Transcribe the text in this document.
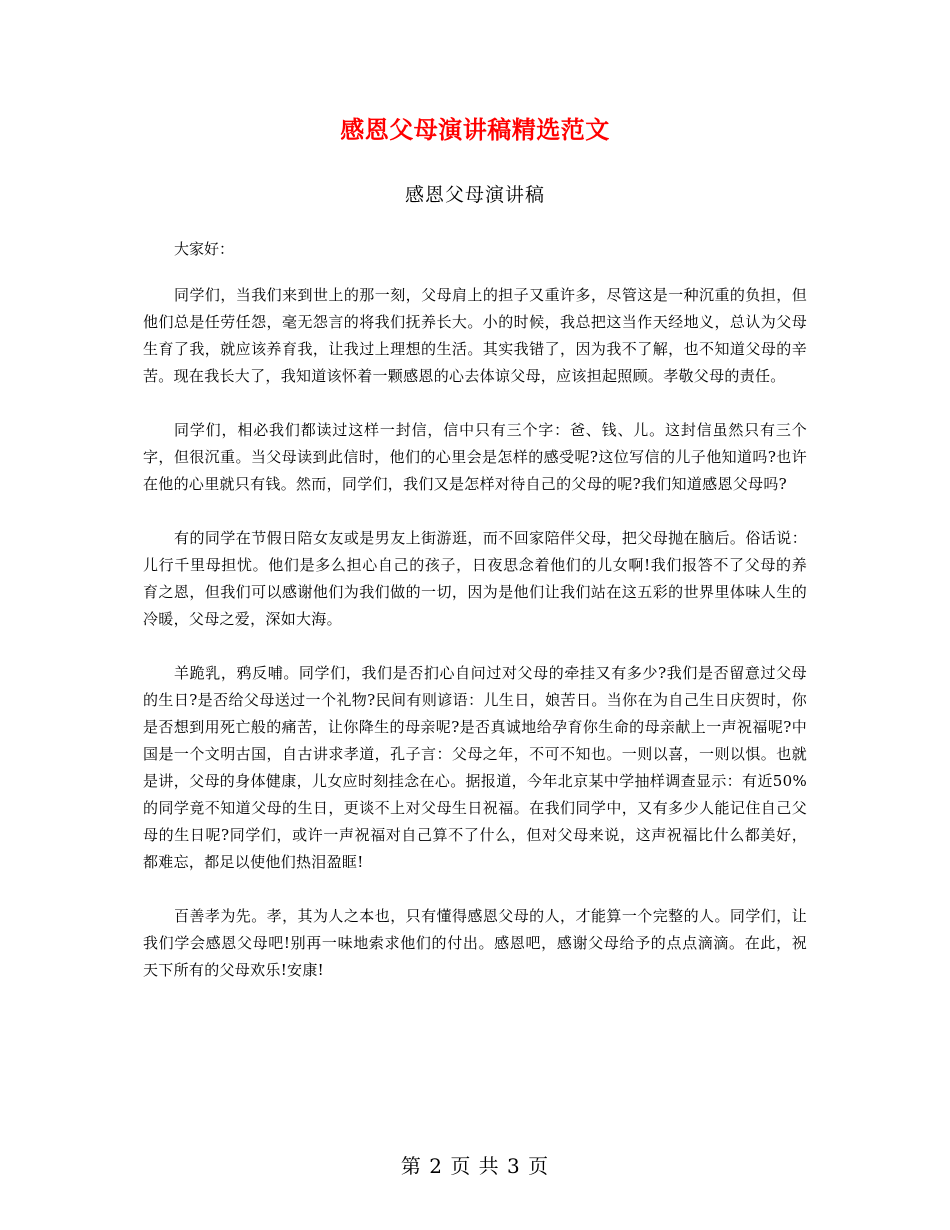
感恩父母演讲稿精选范文
感恩父母演讲稿
大家好：

同学们，当我们来到世上的那一刻，父母肩上的担子又重许多，尽管这是一种沉重的负担，但他们总是任劳任怨，毫无怨言的将我们抚养长大。小的时候，我总把这当作天经地义，总认为父母生育了我，就应该养育我，让我过上理想的生活。其实我错了，因为我不了解，也不知道父母的辛苦。现在我长大了，我知道该怀着一颗感恩的心去体谅父母，应该担起照顾。孝敬父母的责任。

同学们，相必我们都读过这样一封信，信中只有三个字：爸、钱、儿。这封信虽然只有三个字，但很沉重。当父母读到此信时，他们的心里会是怎样的感受呢?这位写信的儿子他知道吗?也许在他的心里就只有钱。然而，同学们，我们又是怎样对待自己的父母的呢?我们知道感恩父母吗?

有的同学在节假日陪女友或是男友上街游逛，而不回家陪伴父母，把父母抛在脑后。俗话说：儿行千里母担忧。他们是多么担心自己的孩子，日夜思念着他们的儿女啊!我们报答不了父母的养育之恩，但我们可以感谢他们为我们做的一切，因为是他们让我们站在这五彩的世界里体味人生的冷暖，父母之爱，深如大海。

羊跪乳，鸦反哺。同学们，我们是否扪心自问过对父母的牵挂又有多少?我们是否留意过父母的生日?是否给父母送过一个礼物?民间有则谚语：儿生日，娘苦日。当你在为自己生日庆贺时，你是否想到用死亡般的痛苦，让你降生的母亲呢?是否真诚地给孕育你生命的母亲献上一声祝福呢?中国是一个文明古国，自古讲求孝道，孔子言：父母之年，不可不知也。一则以喜，一则以惧。也就是讲，父母的身体健康，儿女应时刻挂念在心。据报道，今年北京某中学抽样调查显示：有近50%的同学竟不知道父母的生日，更谈不上对父母生日祝福。在我们同学中，又有多少人能记住自己父母的生日呢?同学们，或许一声祝福对自己算不了什么，但对父母来说，这声祝福比什么都美好，都难忘，都足以使他们热泪盈眶!

百善孝为先。孝，其为人之本也，只有懂得感恩父母的人，才能算一个完整的人。同学们，让我们学会感恩父母吧!别再一味地索求他们的付出。感恩吧，感谢父母给予的点点滴滴。在此，祝天下所有的父母欢乐!安康!

第 2 页 共 3 页
